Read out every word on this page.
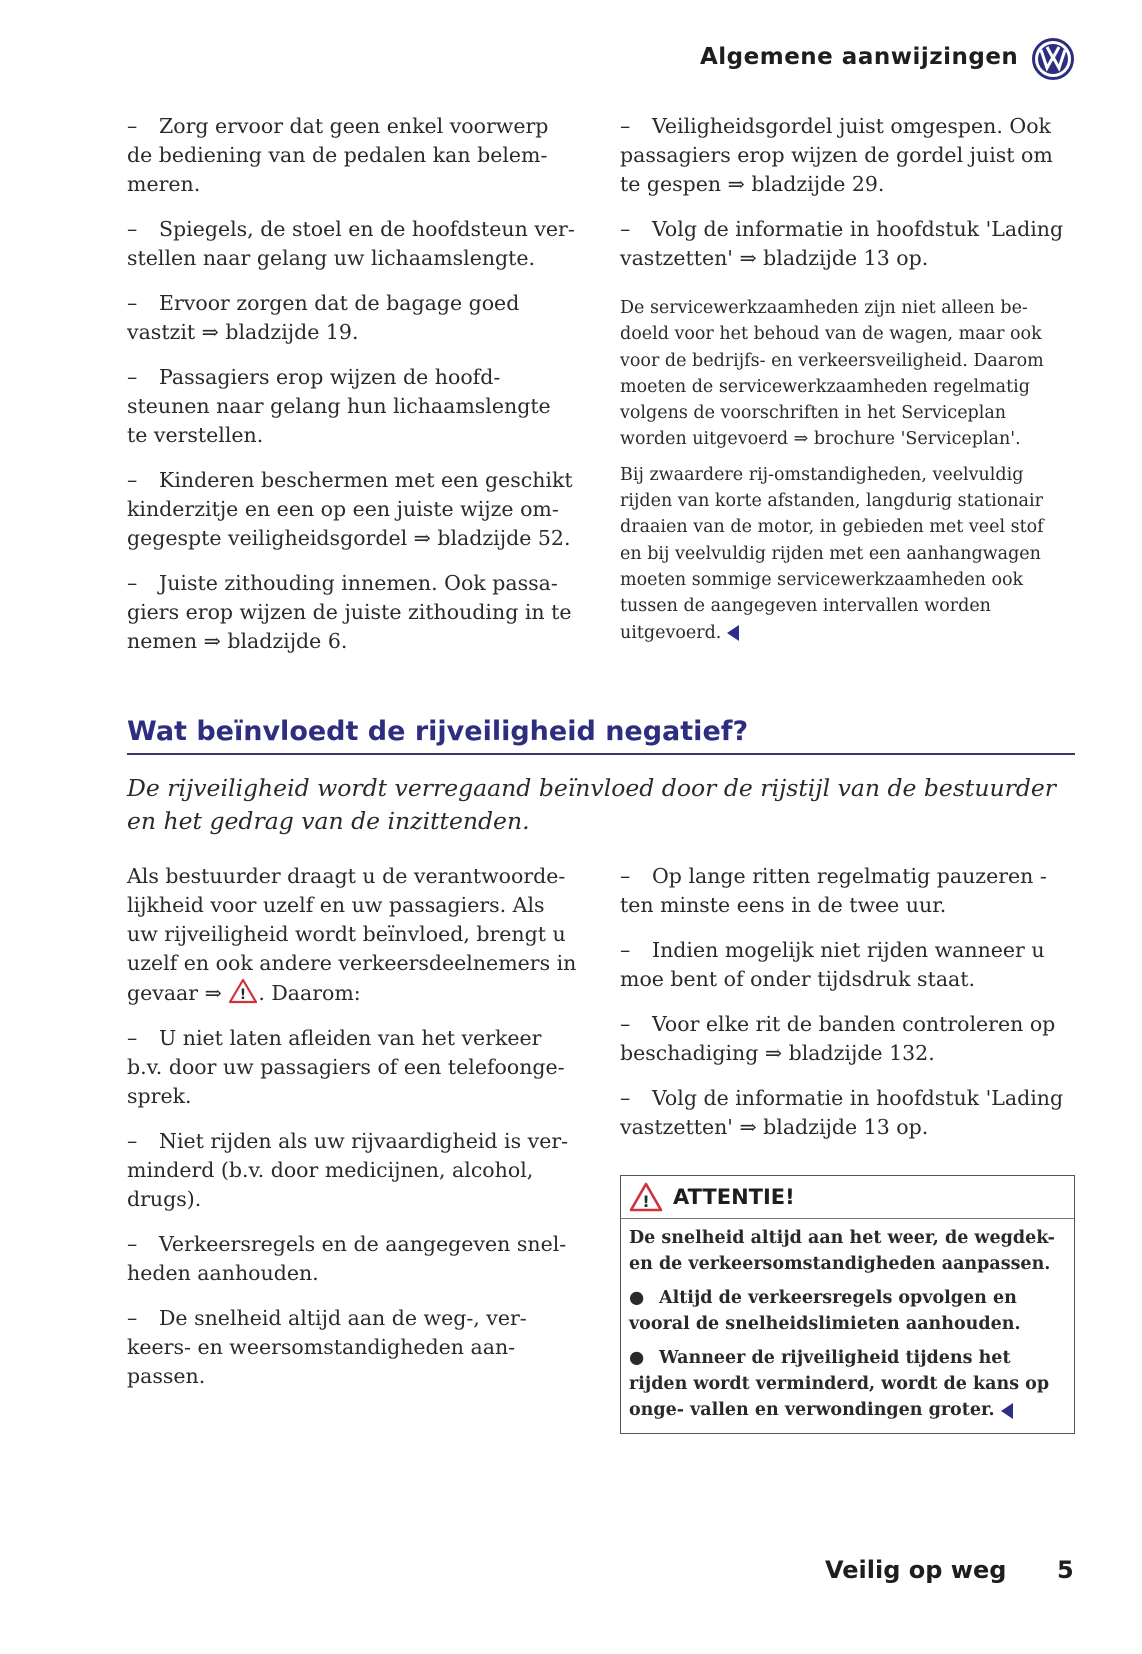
Algemene aanwijzingen

– Zorg ervoor dat geen enkel voorwerp de bediening van de pedalen kan belem- meren.

– Spiegels, de stoel en de hoofdsteun ver- stellen naar gelang uw lichaamslengte.

– Ervoor zorgen dat de bagage goed vastzit ⇒ bladzijde 19.

– Passagiers erop wijzen de hoofd- steunen naar gelang hun lichaamslengte te verstellen.

– Kinderen beschermen met een geschikt kinderzitje en een op een juiste wijze om- gegespte veiligheidsgordel ⇒ bladzijde 52.

– Juiste zithouding innemen. Ook passa- giers erop wijzen de juiste zithouding in te nemen ⇒ bladzijde 6.

– Veiligheidsgordel juist omgespen. Ook passagiers erop wijzen de gordel juist om te gespen ⇒ bladzijde 29.

– Volg de informatie in hoofdstuk 'Lading vastzetten' ⇒ bladzijde 13 op.

De servicewerkzaamheden zijn niet alleen be- doeld voor het behoud van de wagen, maar ook voor de bedrijfs- en verkeersveiligheid. Daarom moeten de servicewerkzaamheden regelmatig volgens de voorschriften in het Serviceplan worden uitgevoerd ⇒ brochure 'Serviceplan'.

Bij zwaardere rij-omstandigheden, veelvuldig rijden van korte afstanden, langdurig stationair draaien van de motor, in gebieden met veel stof en bij veelvuldig rijden met een aanhangwagen moeten sommige servicewerkzaamheden ook tussen de aangegeven intervallen worden uitgevoerd.

Wat beïnvloedt de rijveiligheid negatief?
De rijveiligheid wordt verregaand beïnvloed door de rijstijl van de bestuurder en het gedrag van de inzittenden.

Als bestuurder draagt u de verantwoorde- lijkheid voor uzelf en uw passagiers. Als uw rijveiligheid wordt beïnvloed, brengt u uzelf en ook andere verkeersdeelnemers in gevaar ⇒ ! . Daarom:

– U niet laten afleiden van het verkeer b.v. door uw passagiers of een telefoonge- sprek.

– Niet rijden als uw rijvaardigheid is ver- minderd (b.v. door medicijnen, alcohol, drugs).

– Verkeersregels en de aangegeven snel- heden aanhouden.

– De snelheid altijd aan de weg-, ver- keers- en weersomstandigheden aan- passen.

– Op lange ritten regelmatig pauzeren - ten minste eens in de twee uur.

– Indien mogelijk niet rijden wanneer u moe bent of onder tijdsdruk staat.

– Voor elke rit de banden controleren op beschadiging ⇒ bladzijde 132.

– Volg de informatie in hoofdstuk 'Lading vastzetten' ⇒ bladzijde 13 op.

! ATTENTIE!

De snelheid altijd aan het weer, de wegdek- en de verkeersomstandigheden aanpassen.

● Altijd de verkeersregels opvolgen en vooral de snelheidslimieten aanhouden.

● Wanneer de rijveiligheid tijdens het rijden wordt verminderd, wordt de kans op onge- vallen en verwondingen groter.

Veilig op weg 5
